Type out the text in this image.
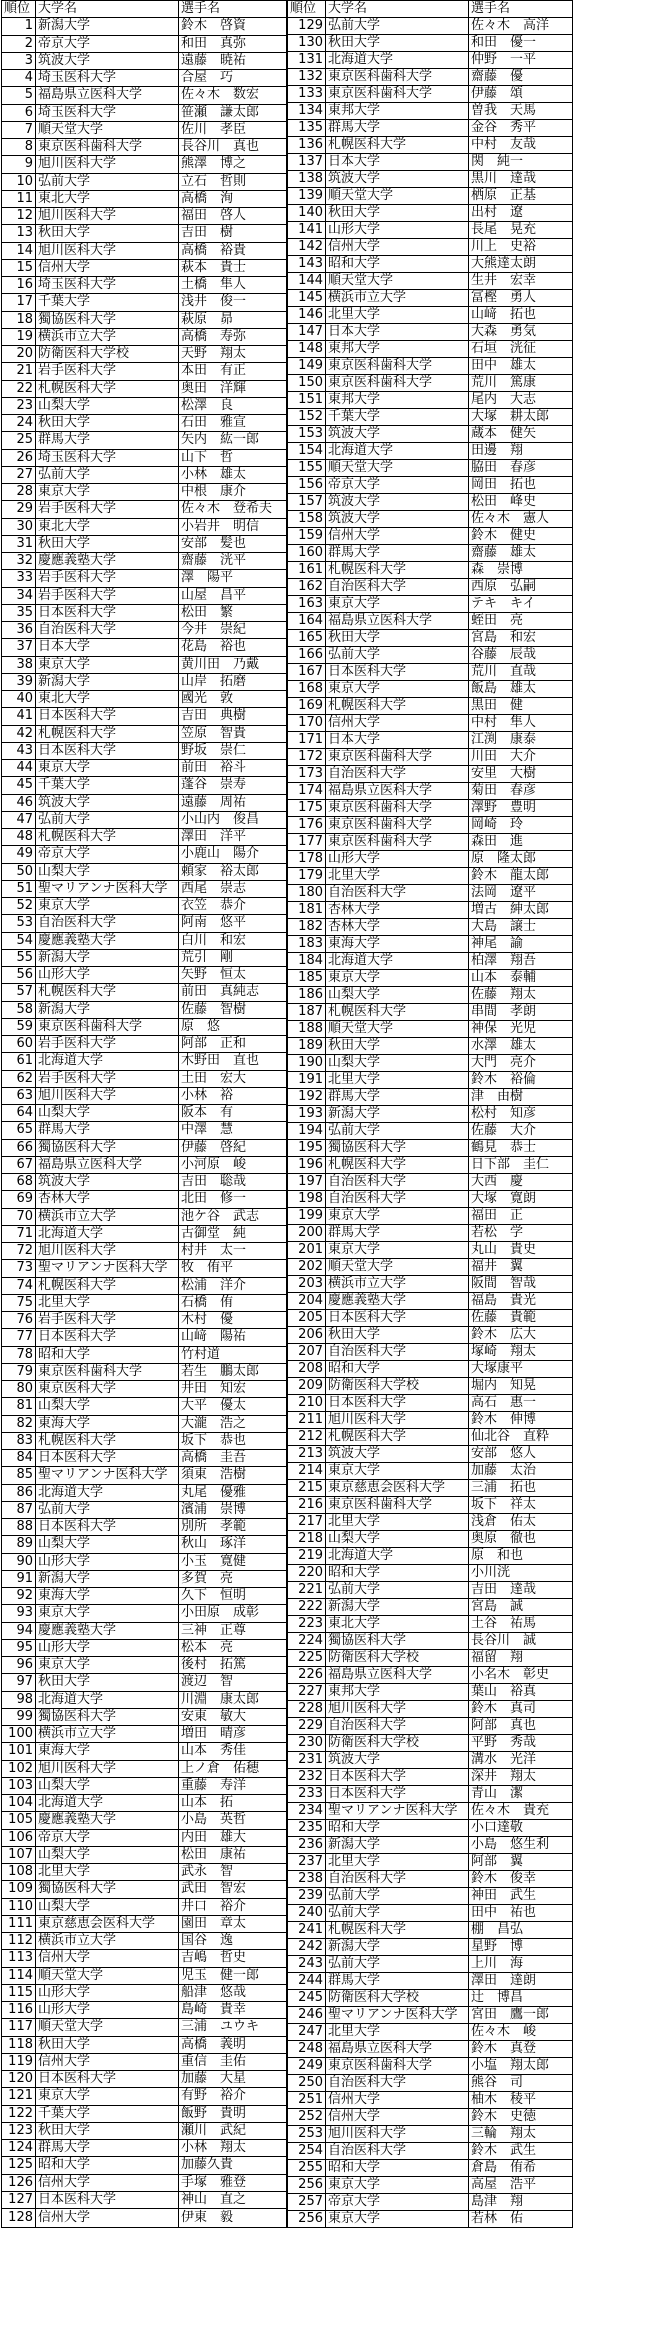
順位	大学名	選手名
1	新潟大学	鈴木　啓資
2	帝京大学	和田　真弥
3	筑波大学	遠藤　暁祐
4	埼玉医科大学	合屋　巧
5	福島県立医科大学	佐々木　数宏
6	埼玉医科大学	笹瀬　謙太郎
7	順天堂大学	佐川　孝臣
8	東京医科歯科大学	長谷川　真也
9	旭川医科大学	熊澤　博之
10	弘前大学	立石　哲則
11	東北大学	高橋　洵
12	旭川医科大学	福田　啓人
13	秋田大学	吉田　樹
14	旭川医科大学	高橋　裕貴
15	信州大学	萩本　貴士
16	埼玉医科大学	土橋　隼人
17	千葉大学	浅井　俊一
18	獨協医科大学	萩原　昴
19	横浜市立大学	高橋　寿弥
20	防衛医科大学校	天野　翔太
21	岩手医科大学	本田　有正
22	札幌医科大学	奥田　洋輝
23	山梨大学	松澤　良
24	秋田大学	石田　雅宣
25	群馬大学	矢内　紘一郎
26	埼玉医科大学	山下　哲
27	弘前大学	小林　雄太
28	東京大学	中根　康介
29	岩手医科大学	佐々木　登希夫
30	東北大学	小岩井　明信
31	秋田大学	安部　髪也
32	慶應義塾大学	齋藤　洸平
33	岩手医科大学	澤　陽平
34	岩手医科大学	山屋　昌平
35	日本医科大学	松田　繁
36	自治医科大学	今井　崇紀
37	日本大学	花島　裕也
38	東京大学	黄川田　乃戴
39	新潟大学	山岸　拓磨
40	東北大学	國光　敦
41	日本医科大学	吉田　典樹
42	札幌医科大学	笠原　智貴
43	日本医科大学	野坂　崇仁
44	東京大学	前田　裕斗
45	千葉大学	蓬谷　崇寿
46	筑波大学	遠藤　周祐
47	弘前大学	小山内　俊昌
48	札幌医科大学	澤田　洋平
49	帝京大学	小鹿山　陽介
50	山梨大学	頼家　裕太郎
51	聖マリアンナ医科大学	西尾　崇志
52	東京大学	衣笠　恭介
53	自治医科大学	阿南　悠平
54	慶應義塾大学	白川　和宏
55	新潟大学	荒引　剛
56	山形大学	矢野　恒太
57	札幌医科大学	前田　真純志
58	新潟大学	佐藤　智樹
59	東京医科歯科大学	原　悠
60	岩手医科大学	阿部　正和
61	北海道大学	木野田　直也
62	岩手医科大学	土田　宏大
63	旭川医科大学	小林　裕
64	山梨大学	阪本　有
65	群馬大学	中澤　慧
66	獨協医科大学	伊藤　啓紀
67	福島県立医科大学	小河原　峻
68	筑波大学	吉田　聡哉
69	杏林大学	北田　修一
70	横浜市立大学	池ケ谷　武志
71	北海道大学	古御堂　純
72	旭川医科大学	村井　太一
73	聖マリアンナ医科大学	牧　侑平
74	札幌医科大学	松浦　洋介
75	北里大学	石橋　侑
76	岩手医科大学	木村　優
77	日本医科大学	山﨑　陽祐
78	昭和大学	竹村道
79	東京医科歯科大学	若生　鵬太郎
80	東京医科大学	井田　知宏
81	山梨大学	大平　優太
82	東海大学	大瀧　浩之
83	札幌医科大学	坂下　恭也
84	日本医科大学	高橋　圭吾
85	聖マリアンナ医科大学	須東　浩樹
86	北海道大学	丸尾　優雅
87	弘前大学	濱浦　崇博
88	日本医科大学	別所　孝範
89	山梨大学	秋山　琢洋
90	山形大学	小玉　寛健
91	新潟大学	多賀　亮
92	東海大学	久下　恒明
93	東京大学	小田原　成彰
94	慶應義塾大学	三神　正尊
95	山形大学	松本　亮
96	東京大学	後村　拓篤
97	秋田大学	渡辺　智
98	北海道大学	川淵　康太郎
99	獨協医科大学	安東　敏大
100	横浜市立大学	増田　晴彦
101	東海大学	山本　秀佳
102	旭川医科大学	上ノ倉　佑穂
103	山梨大学	重藤　寿洋
104	北海道大学	山本　拓
105	慶應義塾大学	小島　英哲
106	帝京大学	内田　雄大
107	山梨大学	松田　康祐
108	北里大学	武永　智
109	獨協医科大学	武田　智宏
110	山梨大学	井口　裕介
111	東京慈恵会医科大学	園田　章太
112	横浜市立大学	国谷　逸
113	信州大学	吉嶋　哲史
114	順天堂大学	児玉　健一郎
115	山形大学	船津　悠哉
116	山形大学	島崎　貴幸
117	順天堂大学	三浦　ユウキ
118	秋田大学	高橋　義明
119	信州大学	重信　圭佑
120	日本医科大学	加藤　大星
121	東京大学	有野　裕介
122	千葉大学	飯野　貴明
123	秋田大学	瀬川　武紀
124	群馬大学	小林　翔太
125	昭和大学	加藤久貴
126	信州大学	手塚　雅登
127	日本医科大学	神山　直之
128	信州大学	伊東　毅
順位	大学名	選手名
129	弘前大学	佐々木　高洋
130	秋田大学	和田　優一
131	北海道大学	仲野　一平
132	東京医科歯科大学	齋藤　優
133	東京医科歯科大学	伊藤　頌
134	東邦大学	曽我　天馬
135	群馬大学	金谷　秀平
136	札幌医科大学	中村　友哉
137	日本大学	関　純一
138	筑波大学	黒川　達哉
139	順天堂大学	栖原　正基
140	秋田大学	出村　遼
141	山形大学	長尾　晃充
142	信州大学	川上　史裕
143	昭和大学	大熊達太朗
144	順天堂大学	生井　宏幸
145	横浜市立大学	冨樫　勇人
146	北里大学	山﨑　拓也
147	日本大学	大森　勇気
148	東邦大学	石垣　洸征
149	東京医科歯科大学	田中　雄太
150	東京医科歯科大学	荒川　篤康
151	東邦大学	尾内　大志
152	千葉大学	大塚　耕太郎
153	筑波大学	蔵本　健矢
154	北海道大学	田邊　翔
155	順天堂大学	脇田　春彦
156	帝京大学	岡田　拓也
157	筑波大学	松田　峰史
158	筑波大学	佐々木　憲人
159	信州大学	鈴木　健史
160	群馬大学	齋藤　雄太
161	札幌医科大学	森　崇博
162	自治医科大学	西原　弘嗣
163	東京大学	テキ　キイ
164	福島県立医科大学	蛭田　亮
165	秋田大学	宮島　和宏
166	弘前大学	谷藤　辰哉
167	日本医科大学	荒川　直哉
168	東京大学	飯島　雄太
169	札幌医科大学	黒田　健
170	信州大学	中村　隼人
171	日本大学	江渕　康泰
172	東京医科歯科大学	川田　大介
173	自治医科大学	安里　大樹
174	福島県立医科大学	菊田　春彦
175	東京医科歯科大学	澤野　豊明
176	東京医科歯科大学	岡崎　玲
177	東京医科歯科大学	森田　進
178	山形大学	原　隆太郎
179	北里大学	鈴木　龍太郎
180	自治医科大学	法岡　遼平
181	杏林大学	増古　紳太郎
182	杏林大学	大島　譲士
183	東海大学	神尾　諭
184	北海道大学	柏澤　翔吾
185	東京大学	山本　泰輔
186	山梨大学	佐藤　翔太
187	札幌医科大学	串間　孝朗
188	順天堂大学	神保　光児
189	秋田大学	水澤　雄太
190	山梨大学	大門　亮介
191	北里大学	鈴木　裕倫
192	群馬大学	津　由樹
193	新潟大学	松村　知彦
194	弘前大学	佐藤　大介
195	獨協医科大学	鶴見　恭士
196	札幌医科大学	日下部　圭仁
197	自治医科大学	大西　慶
198	自治医科大学	大塚　寛朗
199	東京大学	福田　正
200	群馬大学	若松　学
201	東京大学	丸山　貴史
202	順天堂大学	福井　翼
203	横浜市立大学	阪間　智哉
204	慶應義塾大学	福島　貴光
205	日本医科大学	佐藤　貴範
206	秋田大学	鈴木　広大
207	自治医科大学	塚崎　翔太
208	昭和大学	大塚康平
209	防衛医科大学校	堀内　知晃
210	日本医科大学	高石　惠一
211	旭川医科大学	鈴木　伸博
212	札幌医科大学	仙北谷　直粋
213	筑波大学	安部　悠人
214	東京大学	加藤　太治
215	東京慈恵会医科大学	三浦　拓也
216	東京医科歯科大学	坂下　祥太
217	北里大学	浅倉　佑太
218	山梨大学	奥原　徹也
219	北海道大学	原　和也
220	昭和大学	小川洸
221	弘前大学	吉田　達哉
222	新潟大学	宮島　誠
223	東北大学	土谷　祐馬
224	獨協医科大学	長谷川　誠
225	防衛医科大学校	福留　翔
226	福島県立医科大学	小名木　彰史
227	東邦大学	葉山　裕真
228	旭川医科大学	鈴木　真司
229	自治医科大学	阿部　真也
230	防衛医科大学校	平野　秀哉
231	筑波大学	溝水　光洋
232	日本医科大学	深井　翔太
233	日本医科大学	青山　潔
234	聖マリアンナ医科大学	佐々木　貴充
235	昭和大学	小口達敬
236	新潟大学	小島　悠生利
237	北里大学	阿部　翼
238	自治医科大学	鈴木　俊幸
239	弘前大学	神田　武生
240	弘前大学	田中　祐也
241	札幌医科大学	棚　昌弘
242	新潟大学	星野　博
243	弘前大学	上川　海
244	群馬大学	澤田　達朗
245	防衛医科大学校	辻　博昌
246	聖マリアンナ医科大学	宮田　鷹一郎
247	北里大学	佐々木　峻
248	福島県立医科大学	鈴木　真登
249	東京医科歯科大学	小塩　翔太郎
250	自治医科大学	熊谷　司
251	信州大学	柚木　稜平
252	信州大学	鈴木　史徳
253	旭川医科大学	三輪　翔太
254	自治医科大学	鈴木　武生
255	昭和大学	倉島　侑希
256	東京大学	高屋　浩平
257	帝京大学	島津　翔
256	東京大学	若林　佑
